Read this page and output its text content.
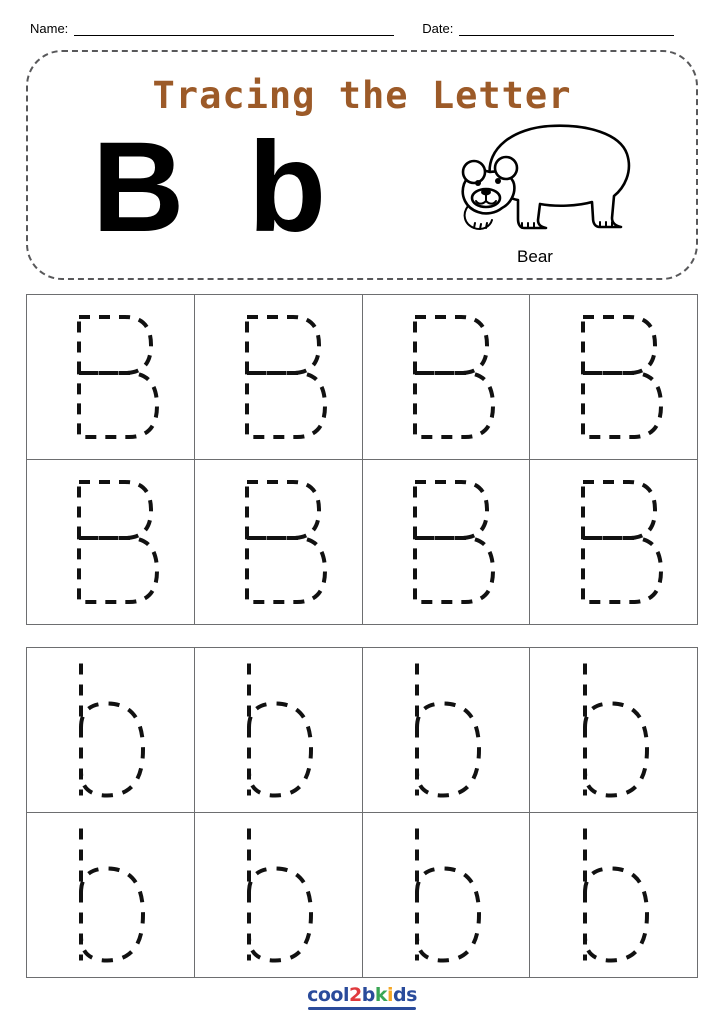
Name:	Date:
Tracing the Letter
B b	Bear
cool2bkids
